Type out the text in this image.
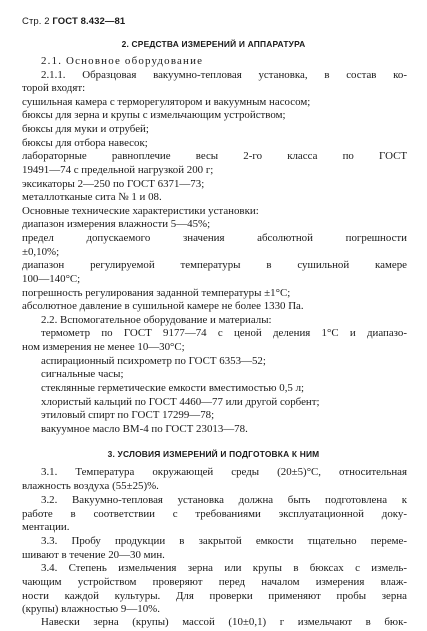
Стр. 2 ГОСТ 8.432—81
2. СРЕДСТВА ИЗМЕРЕНИЙ И АППАРАТУРА
2.1. Основное оборудование
2.1.1. Образцовая вакуумно-тепловая установка, в состав ко-
торой входят:
сушильная камера с терморегулятором и вакуумным насосом;
бюксы для зерна и крупы с измельчающим устройством;
бюксы для муки и отрубей;
бюксы для отбора навесок;
лабораторные равноплечие весы 2-го класса по ГОСТ
19491—74 с предельной нагрузкой 200 г;
эксикаторы 2—250 по ГОСТ 6371—73;
металлотканые сита № 1 и 08.
Основные технические характеристики установки:
диапазон измерения влажности 5—45%;
предел допускаемого значения абсолютной погрешности
±0,10%;
диапазон регулируемой температуры в сушильной камере
100—140°С;
погрешность регулирования заданной температуры ±1°С;
абсолютное давление в сушильной камере не более 1330 Па.
2.2. Вспомогательное оборудование и материалы:
термометр по ГОСТ 9177—74 с ценой деления 1°С и диапазо-
ном измерения не менее 10—30°С;
аспирационный психрометр по ГОСТ 6353—52;
сигнальные часы;
стеклянные герметические емкости вместимостью 0,5 л;
хлористый кальций по ГОСТ 4460—77 или другой сорбент;
этиловый спирт по ГОСТ 17299—78;
вакуумное масло ВМ-4 по ГОСТ 23013—78.
3. УСЛОВИЯ ИЗМЕРЕНИЙ И ПОДГОТОВКА К НИМ
3.1. Температура окружающей среды (20±5)°С, относительная
влажность воздуха (55±25)%.
3.2. Вакуумно-тепловая установка должна быть подготовлена к
работе в соответствии с требованиями эксплуатационной доку-
ментации.
3.3. Пробу продукции в закрытой емкости тщательно переме-
шивают в течение 20—30 мин.
3.4. Степень измельчения зерна или крупы в бюксах с измель-
чающим устройством проверяют перед началом измерения влаж-
ности каждой культуры. Для проверки применяют пробы зерна
(крупы) влажностью 9—10%.
Навески зерна (крупы) массой (10±0,1) г измельчают в бюк-
